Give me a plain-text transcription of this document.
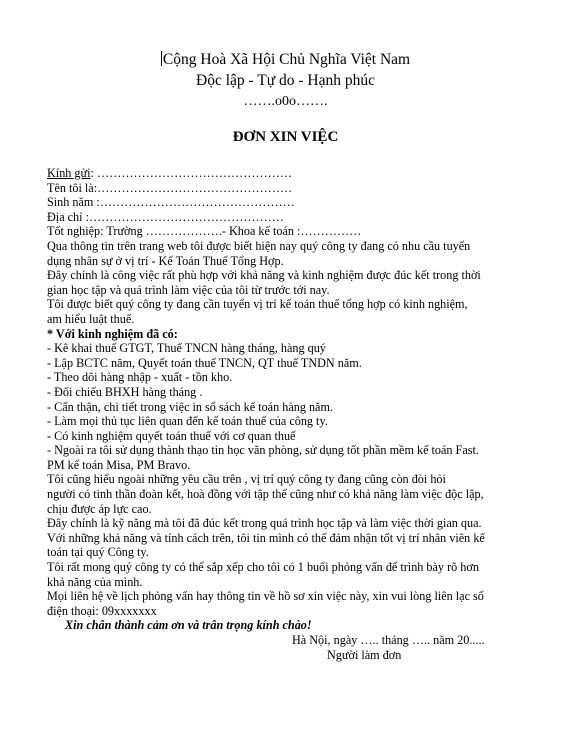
Cộng Hoà Xã Hội Chủ Nghĩa Việt Nam
Độc lập - Tự do - Hạnh phúc
…….o0o…….
ĐƠN XIN VIỆC

Kính gửi: …………………………………………

Tên tôi là:…………………………………………

Sinh năm :…………………………………………

Địa chỉ :…………………………………………

Tốt nghiệp: Trường ……………….- Khoa kế toán :……………

Qua thông tin trên trang web tôi được biết hiện nay quý công ty đang có nhu cầu tuyển

dụng nhân sự ở vị trí - Kế Toán Thuế Tổng Hợp.

Đây chính là công việc rất phù hợp với khả năng và kinh nghiệm được đúc kết trong thời

gian học tập và quá trình làm việc của tôi từ trước tới nay.

Tôi được biết quý công ty đang cần tuyển vị trí kế toán thuế tổng hợp có kinh nghiệm,

am hiểu luật thuế.

* Với kinh nghiệm đã có:

- Kê khai thuế GTGT, Thuế TNCN hàng tháng, hàng quý

- Lập BCTC năm, Quyết toán thuế TNCN, QT thuế TNDN năm.

- Theo dõi hàng nhập - xuất - tồn kho.

- Đối chiếu BHXH hàng tháng .

- Cẩn thận, chi tiết trong việc in sổ sách kế toán hàng năm.

- Làm mọi thủ tục liên quan đến kế toán thuế của công ty.

- Có kinh nghiệm quyết toán thuế với cơ quan thuế

- Ngoài ra tôi sử dụng thành thạo tin học văn phòng, sử dụng tốt phần mềm kế toán Fast.

PM kế toán Misa, PM Bravo.

Tôi cũng hiểu ngoài những yêu cầu trên , vị trí quý công ty đang cũng còn đòi hỏi

người có tinh thần đoàn kết, hoà đồng với tập thể cũng như có khả năng làm việc độc lập,

chịu được áp lực cao.

Đây chính là kỹ năng mà tôi đã đúc kết trong quá trình học tập và làm việc thời gian qua.

Với những khả năng và tính cách trên, tôi tin mình có thể đảm nhận tốt vị trí nhân viên kế

toán tại quý Công ty.

Tôi rất mong quý công ty có thể sắp xếp cho tôi có 1 buổi phỏng vấn để trình bày rõ hơn

khả năng của mình.

Mọi liên hệ về lịch phỏng vấn hay thông tin về hồ sơ xin việc này, xin vui lòng liên lạc số

điện thoại: 09xxxxxxx

Xin chân thành cảm ơn và trân trọng kính chào!

Hà Nội, ngày ….. tháng ….. năm 20.....

Người làm đơn
